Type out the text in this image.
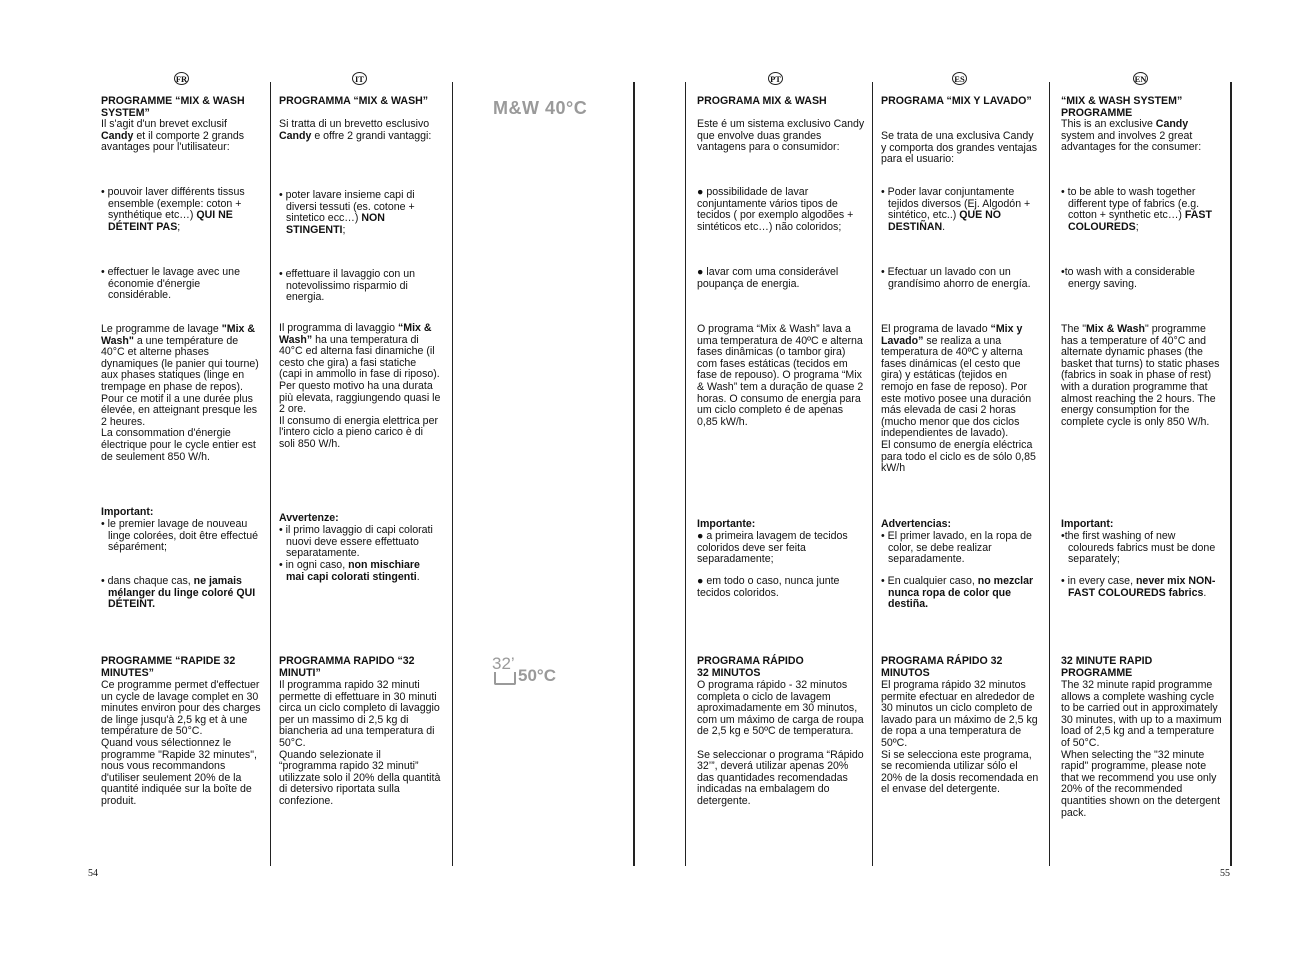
FR	IT	PT	ES	EN
M&W 40°C
32’
50°C

PROGRAMME “MIX & WASH SYSTEM”

Il s'agit d'un brevet exclusif
Candy et il comporte 2 grands avantages pour l'utilisateur:

• pouvoir laver différents tissus ensemble (exemple: coton + synthétique etc…) QUI NE DÉTEINT PAS;

• effectuer le lavage avec une économie d'énergie considérable.

Le programme de lavage "Mix & Wash" a une température de 40°C et alterne phases dynamiques (le panier qui tourne) aux phases statiques (linge en trempage en phase de repos).
Pour ce motif il a une durée plus élevée, en atteignant presque les 2 heures.
La consommation d'énergie électrique pour le cycle entier est de seulement 850 W/h.

Important:

• le premier lavage de nouveau linge colorées, doit être effectué séparément;

• dans chaque cas, ne jamais mélanger du linge coloré QUI DÉTEINT.

PROGRAMME “RAPIDE 32 MINUTES”

Ce programme permet d'effectuer un cycle de lavage complet en 30 minutes environ pour des charges de linge jusqu'à 2,5 kg et à une température de 50°C.
Quand vous sélectionnez le programme "Rapide 32 minutes", nous vous recommandons d'utiliser seulement 20% de la quantité indiquée sur la boîte de produit.

PROGRAMMA “MIX & WASH”

Si tratta di un brevetto esclusivo Candy e offre 2 grandi vantaggi:

• poter lavare insieme capi di diversi tessuti (es. cotone + sintetico ecc…) NON STINGENTI;

• effettuare il lavaggio con un notevolissimo risparmio di energia.

Il programma di lavaggio “Mix & Wash” ha una temperatura di 40°C ed alterna fasi dinamiche (il cesto che gira) a fasi statiche (capi in ammollo in fase di riposo). Per questo motivo ha una durata più elevata, raggiungendo quasi le 2 ore.
Il consumo di energia elettrica per l'intero ciclo a pieno carico è di soli 850 W/h.

Avvertenze:

• il primo lavaggio di capi colorati nuovi deve essere effettuato separatamente.

• in ogni caso, non mischiare mai capi colorati stingenti.

PROGRAMMA RAPIDO “32 MINUTI”

Il programma rapido 32 minuti permette di effettuare in 30 minuti circa un ciclo completo di lavaggio per un massimo di 2,5 kg di biancheria ad una temperatura di 50°C.
Quando selezionate il “programma rapido 32 minuti” utilizzate solo il 20% della quantità di detersivo riportata sulla confezione.

PROGRAMA MIX & WASH

Este é um sistema exclusivo Candy que envolve duas grandes vantagens para o consumidor:

● possibilidade de lavar conjuntamente vários tipos de tecidos ( por exemplo algodões + sintéticos etc…) não coloridos;

● lavar com uma considerável poupança de energia.

O programa “Mix & Wash” lava a uma temperatura de 40ºC e alterna fases dinâmicas (o tambor gira) com fases estáticas (tecidos em fase de repouso). O programa “Mix & Wash” tem a duração de quase 2 horas. O consumo de energia para um ciclo completo é de apenas 0,85 kW/h.

Importante:

● a primeira lavagem de tecidos coloridos deve ser feita separadamente;

● em todo o caso, nunca junte tecidos coloridos.

PROGRAMA RÁPIDO
32 MINUTOS

O programa rápido - 32 minutos completa o ciclo de lavagem aproximadamente em 30 minutos, com um máximo de carga de roupa de 2,5 kg e 50ºC de temperatura.

Se seleccionar o programa “Rápido 32’”, deverá utilizar apenas 20% das quantidades recomendadas indicadas na embalagem do detergente.

PROGRAMA “MIX Y LAVADO”

Se trata de una exclusiva Candy y comporta dos grandes ventajas para el usuario:

• Poder lavar conjuntamente tejidos diversos (Ej. Algodón + sintético, etc..) QUE NO DESTIÑAN.

• Efectuar un lavado con un grandísimo ahorro de energía.

El programa de lavado “Mix y Lavado” se realiza a una temperatura de 40ºC y alterna fases dinámicas (el cesto que gira) y estáticas (tejidos en remojo en fase de reposo). Por este motivo posee una duración más elevada de casi 2 horas (mucho menor que dos ciclos independientes de lavado).
El consumo de energía eléctrica para todo el ciclo es de sólo 0,85 kW/h

Advertencias:

• El primer lavado, en la ropa de color, se debe realizar separadamente.

• En cualquier caso, no mezclar nunca ropa de color que destiña.

PROGRAMA RÁPIDO 32 MINUTOS

El programa rápido 32 minutos permite efectuar en alrededor de 30 minutos un ciclo completo de lavado para un máximo de 2,5 kg de ropa a una temperatura de 50ºC.
Si se selecciona este programa, se recomienda utilizar sólo el 20% de la dosis recomendada en el envase del detergente.

“MIX & WASH SYSTEM” PROGRAMME

This is an exclusive Candy system and involves 2 great advantages for the consumer:

• to be able to wash together different type of fabrics (e.g. cotton + synthetic etc…) FAST COLOUREDS;

•to wash with a considerable energy saving.

The "Mix & Wash" programme has a temperature of 40°C and alternate dynamic phases (the basket that turns) to static phases (fabrics in soak in phase of rest) with a duration programme that almost reaching the 2 hours. The energy consumption for the complete cycle is only 850 W/h.

Important:

•the first washing of new coloureds fabrics must be done separately;

• in every case, never mix NON-FAST COLOUREDS fabrics.

32 MINUTE RAPID
PROGRAMME

The 32 minute rapid programme allows a complete washing cycle to be carried out in approximately 30 minutes, with up to a maximum load of 2,5 kg and a temperature of 50°C.
When selecting the "32 minute rapid" programme, please note that we recommend you use only 20% of the recommended quantities shown on the detergent pack.

54	55
